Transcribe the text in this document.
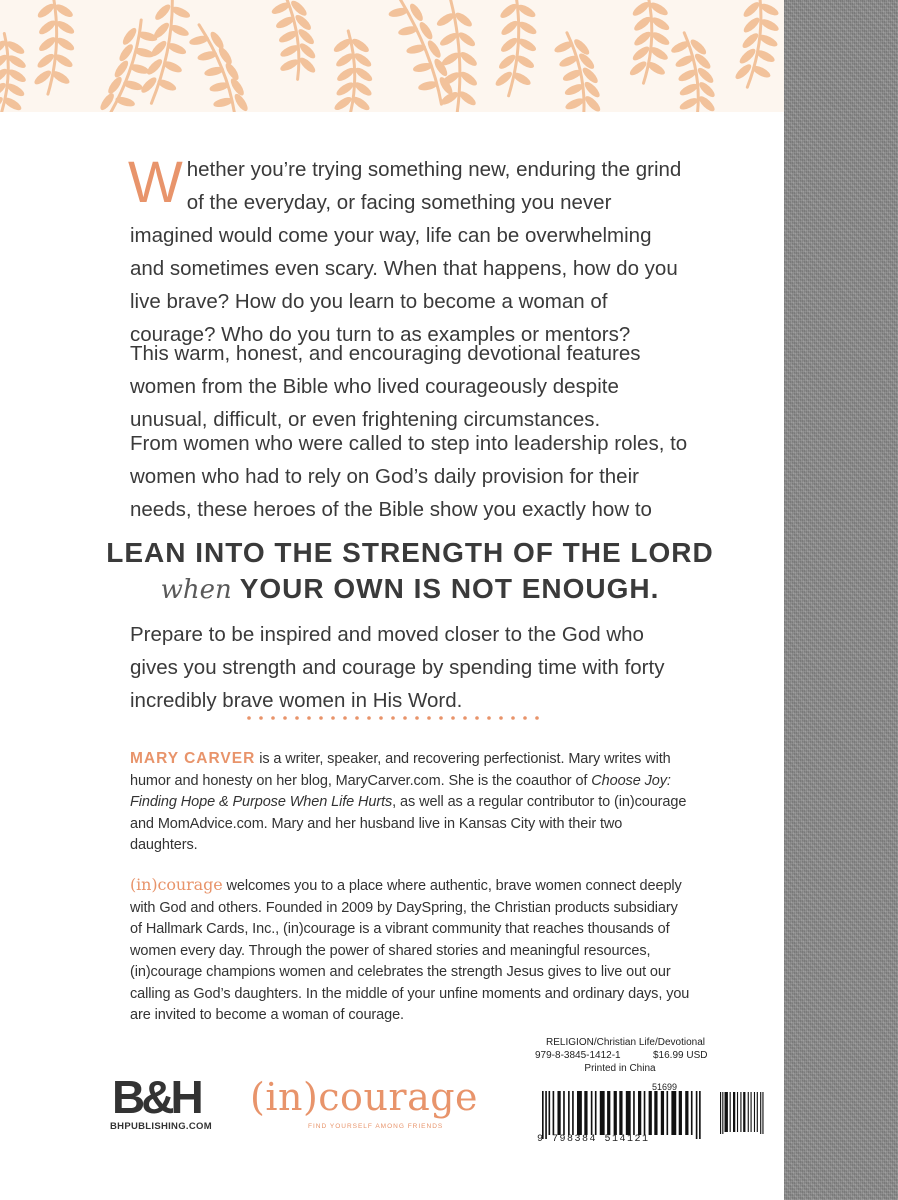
Whether you’re trying something new, enduring the grind of the everyday, or facing something you never imagined would come your way, life can be overwhelming and sometimes even scary. When that happens, how do you live brave? How do you learn to become a woman of courage? Who do you turn to as examples or mentors?

This warm, honest, and encouraging devotional features women from the Bible who lived courageously despite unusual, difficult, or even frightening circumstances.

From women who were called to step into leadership roles, to women who had to rely on God’s daily provision for their needs, these heroes of the Bible show you exactly how to

LEAN INTO THE STRENGTH OF THE LORD

when YOUR OWN IS NOT ENOUGH.

Prepare to be inspired and moved closer to the God who gives you strength and courage by spending time with forty incredibly brave women in His Word.

MARY CARVER is a writer, speaker, and recovering perfectionist. Mary writes with humor and honesty on her blog, MaryCarver.com. She is the coauthor of Choose Joy: Finding Hope & Purpose When Life Hurts, as well as a regular contributor to (in)courage and MomAdvice.com. Mary and her husband live in Kansas City with their two daughters.

(in)courage welcomes you to a place where authentic, brave women connect deeply with God and others. Founded in 2009 by DaySpring, the Christian products subsidiary of Hallmark Cards, Inc., (in)courage is a vibrant community that reaches thousands of women every day. Through the power of shared stories and meaningful resources, (in)courage champions women and celebrates the strength Jesus gives to live out our calling as God’s daughters. In the middle of your unfine moments and ordinary days, you are invited to become a woman of courage.

B&H
BHPUBLISHING.COM
(in)courage
FIND YOURSELF AMONG FRIENDS
RELIGION/Christian Life/Devotional
979-8-3845-1412-1	$16.99 USD
Printed in China
51699
9 798384 514121
